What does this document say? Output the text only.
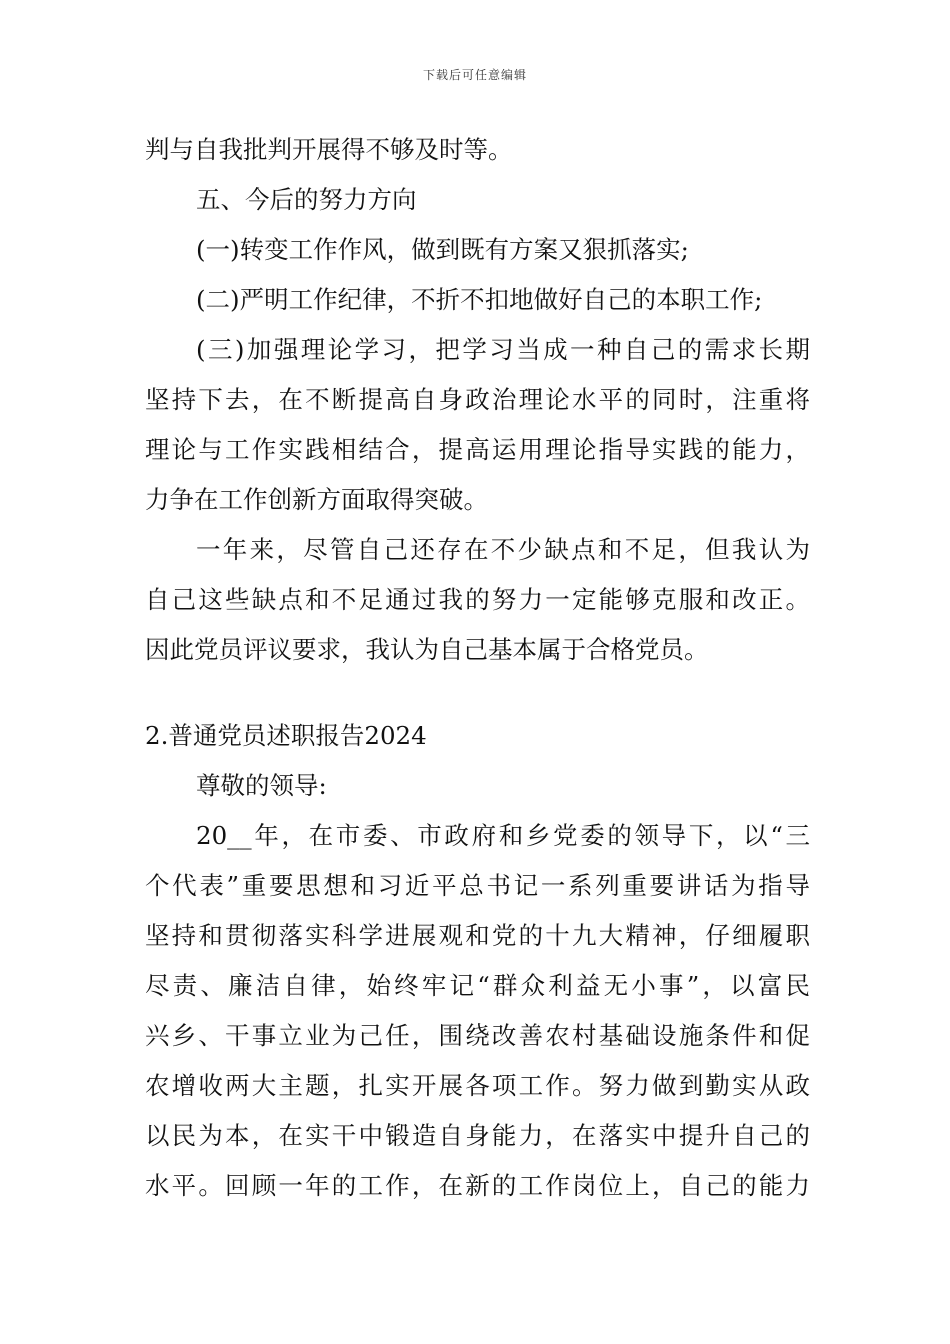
下载后可任意编辑
判与自我批判开展得不够及时等。
五、今后的努力方向
(一)转变工作作风，做到既有方案又狠抓落实;
(二)严明工作纪律，不折不扣地做好自己的本职工作;
(三)加强理论学习，把学习当成一种自己的需求长期
坚持下去，在不断提高自身政治理论水平的同时，注重将
理论与工作实践相结合，提高运用理论指导实践的能力，
力争在工作创新方面取得突破。
一年来，尽管自己还存在不少缺点和不足，但我认为
自己这些缺点和不足通过我的努力一定能够克服和改正。
因此党员评议要求，我认为自己基本属于合格党员。
2.普通党员述职报告2024
尊敬的领导:
20__年，在市委、市政府和乡党委的领导下，以“三
个代表”重要思想和习近平总书记一系列重要讲话为指导
坚持和贯彻落实科学进展观和党的十九大精神，仔细履职
尽责、廉洁自律，始终牢记“群众利益无小事”，以富民
兴乡、干事立业为己任，围绕改善农村基础设施条件和促
农增收两大主题，扎实开展各项工作。努力做到勤实从政
以民为本，在实干中锻造自身能力，在落实中提升自己的
水平。回顾一年的工作，在新的工作岗位上，自己的能力
